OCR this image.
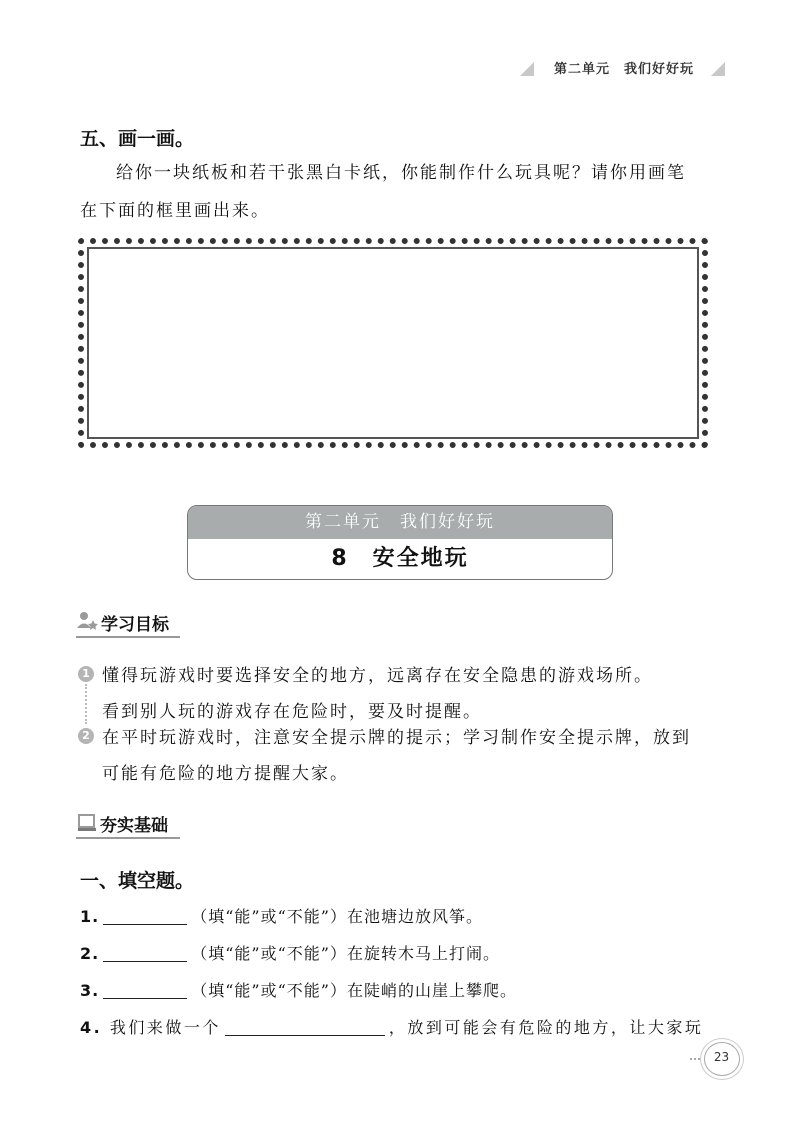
第二单元　我们好好玩
五、画一画。
给你一块纸板和若干张黑白卡纸，你能制作什么玩具呢？请你用画笔
在下面的框里画出来。
第二单元　我们好好玩
8　安全地玩
学习目标
1 懂得玩游戏时要选择安全的地方，远离存在安全隐患的游戏场所。
看到别人玩的游戏存在危险时，要及时提醒。
2 在平时玩游戏时，注意安全提示牌的提示；学习制作安全提示牌，放到
可能有危险的地方提醒大家。
夯实基础
一、填空题。
1.	（填“能”或“不能”）在池塘边放风筝。
2.	（填“能”或“不能”）在旋转木马上打闹。
3.	（填“能”或“不能”）在陡峭的山崖上攀爬。
4. 我们来做一个	，放到可能会有危险的地方，让大家玩
23
